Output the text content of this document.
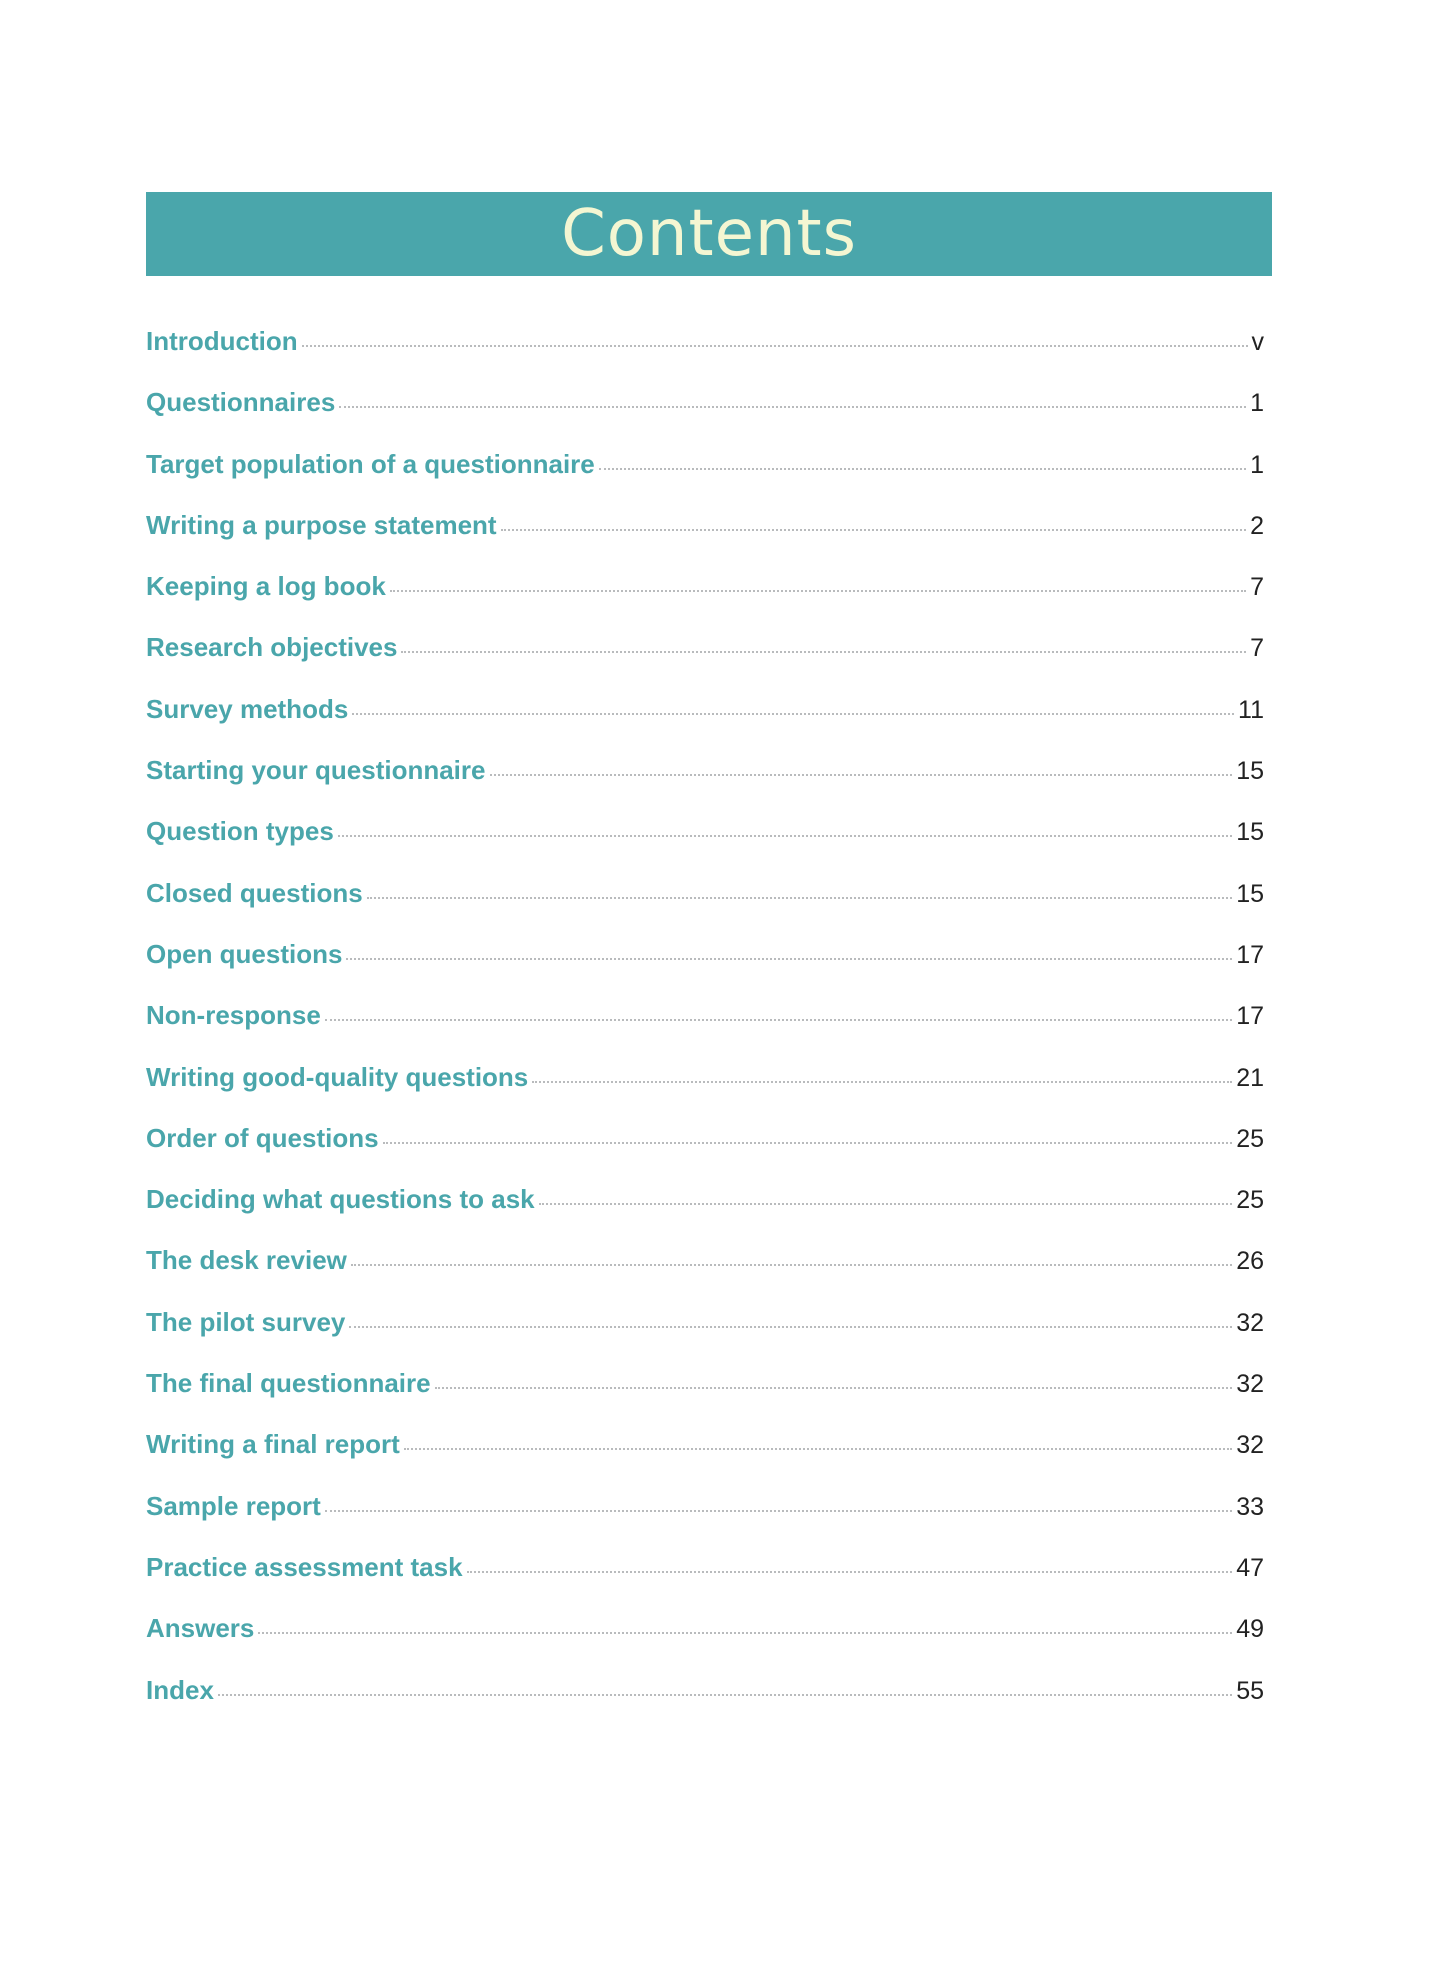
Contents
Introduction	v
Questionnaires	1
Target population of a questionnaire	1
Writing a purpose statement	2
Keeping a log book	7
Research objectives	7
Survey methods	11
Starting your questionnaire	15
Question types	15
Closed questions	15
Open questions	17
Non-response	17
Writing good-quality questions	21
Order of questions	25
Deciding what questions to ask	25
The desk review	26
The pilot survey	32
The final questionnaire	32
Writing a final report	32
Sample report	33
Practice assessment task	47
Answers	49
Index	55
